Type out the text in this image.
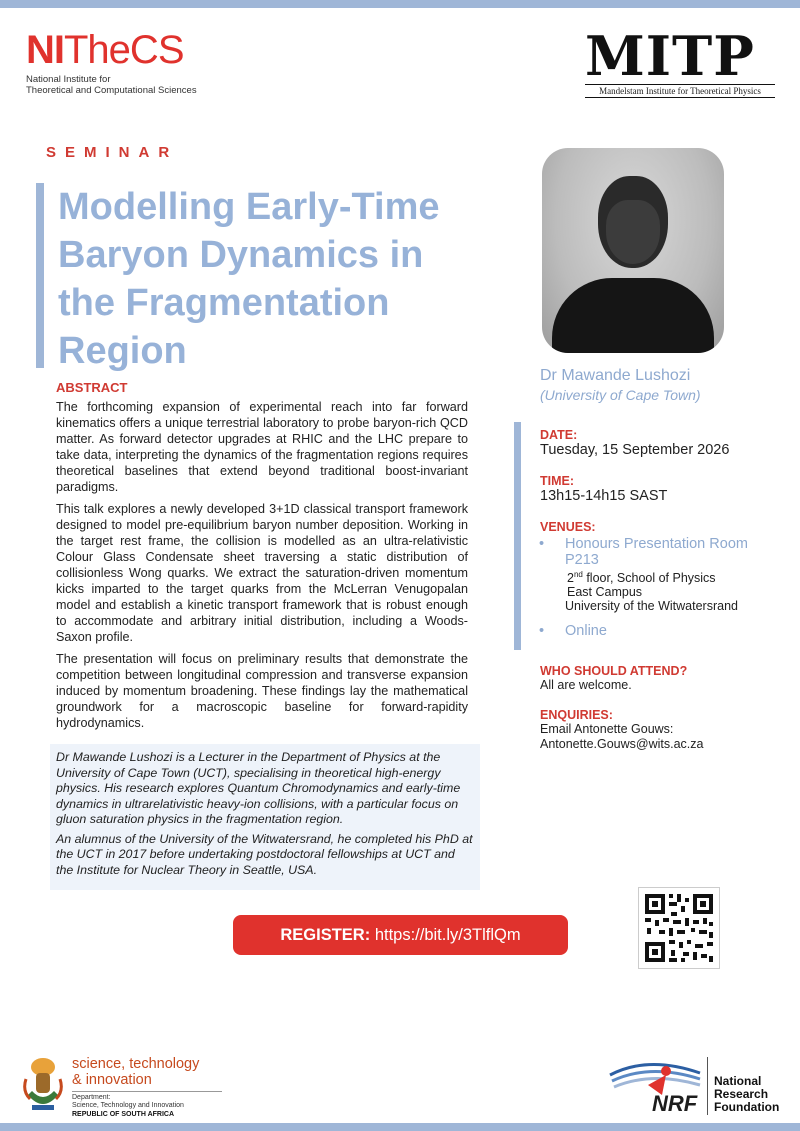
NITheCS
National Institute for
Theoretical and Computational Sciences
MITP
Mandelstam Institute for Theoretical Physics
SEMINAR
Modelling Early-Time Baryon Dynamics in the Fragmentation Region
Dr Mawande Lushozi
(University of Cape Town)
ABSTRACT

The forthcoming expansion of experimental reach into far forward kinematics offers a unique terrestrial laboratory to probe baryon-rich QCD matter. As forward detector upgrades at RHIC and the LHC prepare to take data, interpreting the dynamics of the fragmentation regions requires theoretical baselines that extend beyond traditional boost-invariant paradigms.

This talk explores a newly developed 3+1D classical transport framework designed to model pre-equilibrium baryon number deposition. Working in the target rest frame, the collision is modelled as an ultra-relativistic Colour Glass Condensate sheet traversing a static distribution of collisionless Wong quarks. We extract the saturation-driven momentum kicks imparted to the target quarks from the McLerran Venugopalan model and establish a kinetic transport framework that is robust enough to accommodate and arbitrary initial distribution, including a Woods-Saxon profile.

The presentation will focus on preliminary results that demonstrate the competition between longitudinal compression and transverse expansion induced by momentum broadening. These findings lay the mathematical groundwork for a macroscopic baseline for forward-rapidity hydrodynamics.

Dr Mawande Lushozi is a Lecturer in the Department of Physics at the University of Cape Town (UCT), specialising in theoretical high-energy physics. His research explores Quantum Chromodynamics and early-time dynamics in ultrarelativistic heavy-ion collisions, with a particular focus on gluon saturation physics in the fragmentation region.

An alumnus of the University of the Witwatersrand, he completed his PhD at the UCT in 2017 before undertaking postdoctoral fellowships at UCT and the Institute for Nuclear Theory in Seattle, USA.

DATE:
Tuesday, 15 September 2026
TIME:
13h15-14h15 SAST
VENUES:
• Honours Presentation Room
P213
2nd floor, School of Physics
East Campus
University of the Witwatersrand
• Online
WHO SHOULD ATTEND?
All are welcome.
ENQUIRIES:
Email Antonette Gouws:
Antonette.Gouws@wits.ac.za
REGISTER: https://bit.ly/3TlflQm
science, technology
& innovation
Department:
Science, Technology and Innovation
REPUBLIC OF SOUTH AFRICA	NRF
National
Research
Foundation
